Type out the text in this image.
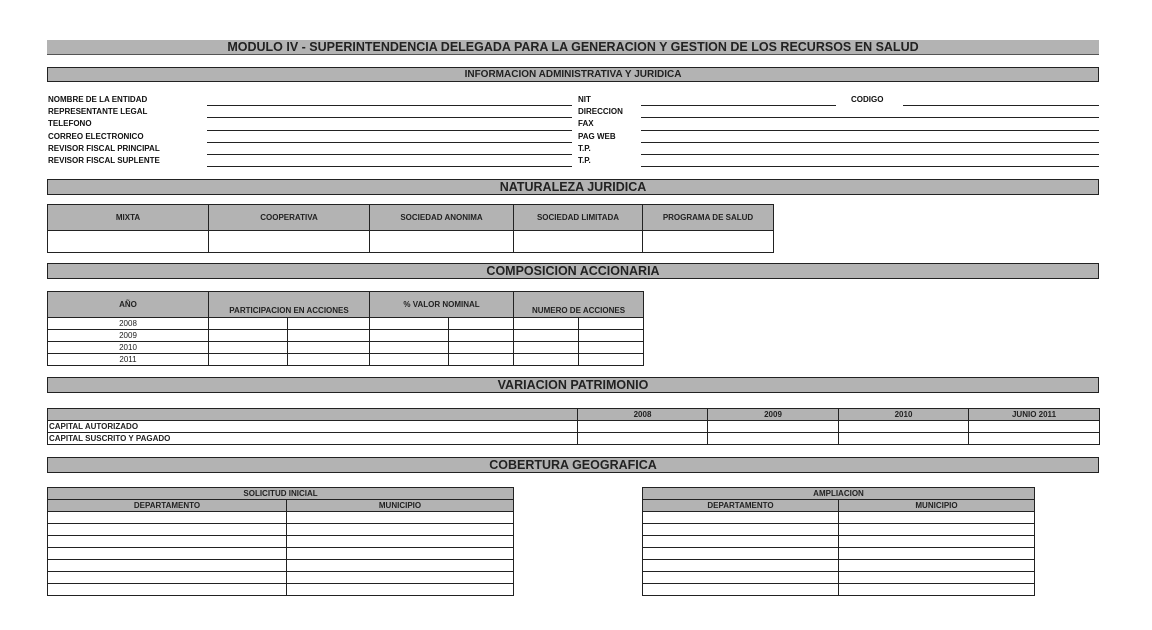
MODULO IV - SUPERINTENDENCIA DELEGADA PARA LA GENERACION Y GESTION DE LOS RECURSOS EN SALUD
INFORMACION ADMINISTRATIVA Y JURIDICA
NOMBRE DE LA ENTIDAD
REPRESENTANTE LEGAL
TELEFONO
CORREO ELECTRONICO
REVISOR FISCAL PRINCIPAL
REVISOR FISCAL SUPLENTE
NIT
DIRECCION
FAX
PAG WEB
T.P.
T.P.
CODIGO
NATURALEZA JURIDICA
MIXTA	COOPERATIVA	SOCIEDAD ANONIMA	SOCIEDAD LIMITADA	PROGRAMA DE SALUD

COMPOSICION ACCIONARIA
AÑO	PARTICIPACION EN ACCIONES		% VALOR NOMINAL		NUMERO DE ACCIONES	
2008						
2009						
2010						
2011						
VARIACION PATRIMONIO
	2008	2009	2010	JUNIO 2011
CAPITAL AUTORIZADO				
CAPITAL SUSCRITO Y PAGADO				
COBERTURA GEOGRAFICA
SOLICITUD INICIAL	
DEPARTAMENTO	MUNICIPIO

AMPLIACION	
DEPARTAMENTO	MUNICIPIO
